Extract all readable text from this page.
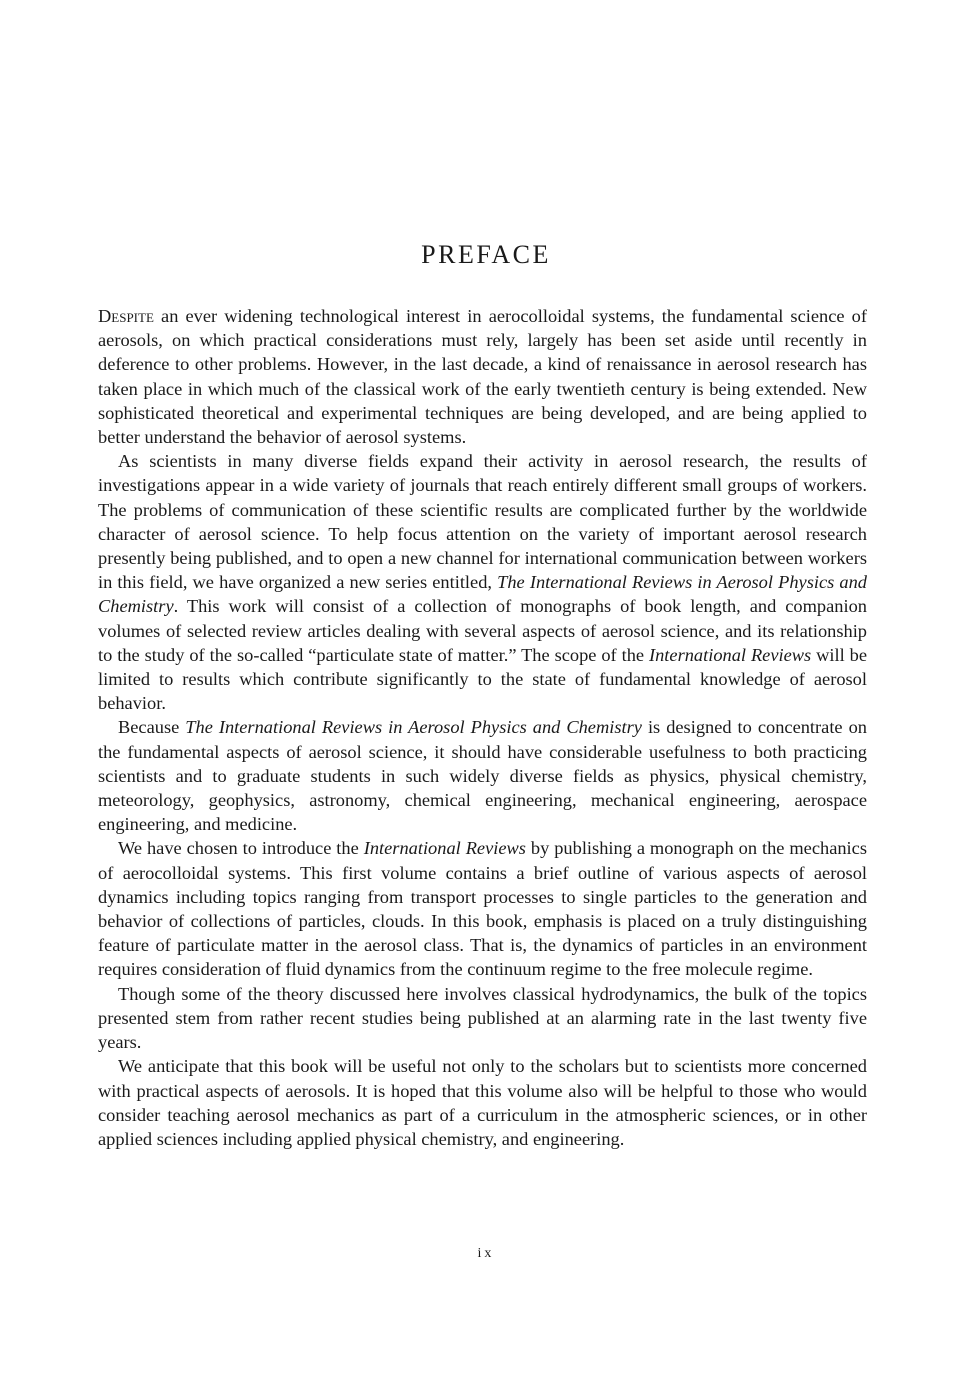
PREFACE

Despite an ever widening technological interest in aerocolloidal systems, the fundamental science of aerosols, on which practical considerations must rely, largely has been set aside until recently in deference to other problems. However, in the last decade, a kind of renaissance in aerosol research has taken place in which much of the classical work of the early twentieth century is being extended. New sophisticated theoretical and experimental techniques are being developed, and are being applied to better understand the behavior of aerosol systems.

As scientists in many diverse fields expand their activity in aerosol research, the results of investigations appear in a wide variety of journals that reach entirely different small groups of workers. The problems of communication of these scientific results are complicated further by the worldwide character of aerosol science. To help focus attention on the variety of important aerosol research presently being published, and to open a new channel for international communication between workers in this field, we have organized a new series entitled, The International Reviews in Aerosol Physics and Chemistry. This work will consist of a collection of monographs of book length, and companion volumes of selected review articles dealing with several aspects of aerosol science, and its relationship to the study of the so-called “particulate state of matter.” The scope of the International Reviews will be limited to results which contribute significantly to the state of fundamental knowledge of aerosol behavior.

Because The International Reviews in Aerosol Physics and Chemistry is designed to concentrate on the fundamental aspects of aerosol science, it should have considerable usefulness to both practicing scientists and to graduate students in such widely diverse fields as physics, physical chemistry, meteorology, geophysics, astronomy, chemical engineering, mechanical engineering, aerospace engineering, and medicine.

We have chosen to introduce the International Reviews by publishing a monograph on the mechanics of aerocolloidal systems. This first volume contains a brief outline of various aspects of aerosol dynamics including topics ranging from transport processes to single particles to the generation and behavior of collections of particles, clouds. In this book, emphasis is placed on a truly distinguishing feature of particulate matter in the aerosol class. That is, the dynamics of particles in an environment requires consideration of fluid dynamics from the continuum regime to the free molecule regime.

Though some of the theory discussed here involves classical hydrodynamics, the bulk of the topics presented stem from rather recent studies being published at an alarming rate in the last twenty five years.

We anticipate that this book will be useful not only to the scholars but to scientists more concerned with practical aspects of aerosols. It is hoped that this volume also will be helpful to those who would consider teaching aerosol mechanics as part of a curriculum in the atmospheric sciences, or in other applied sciences including applied physical chemistry, and engineering.

ix
